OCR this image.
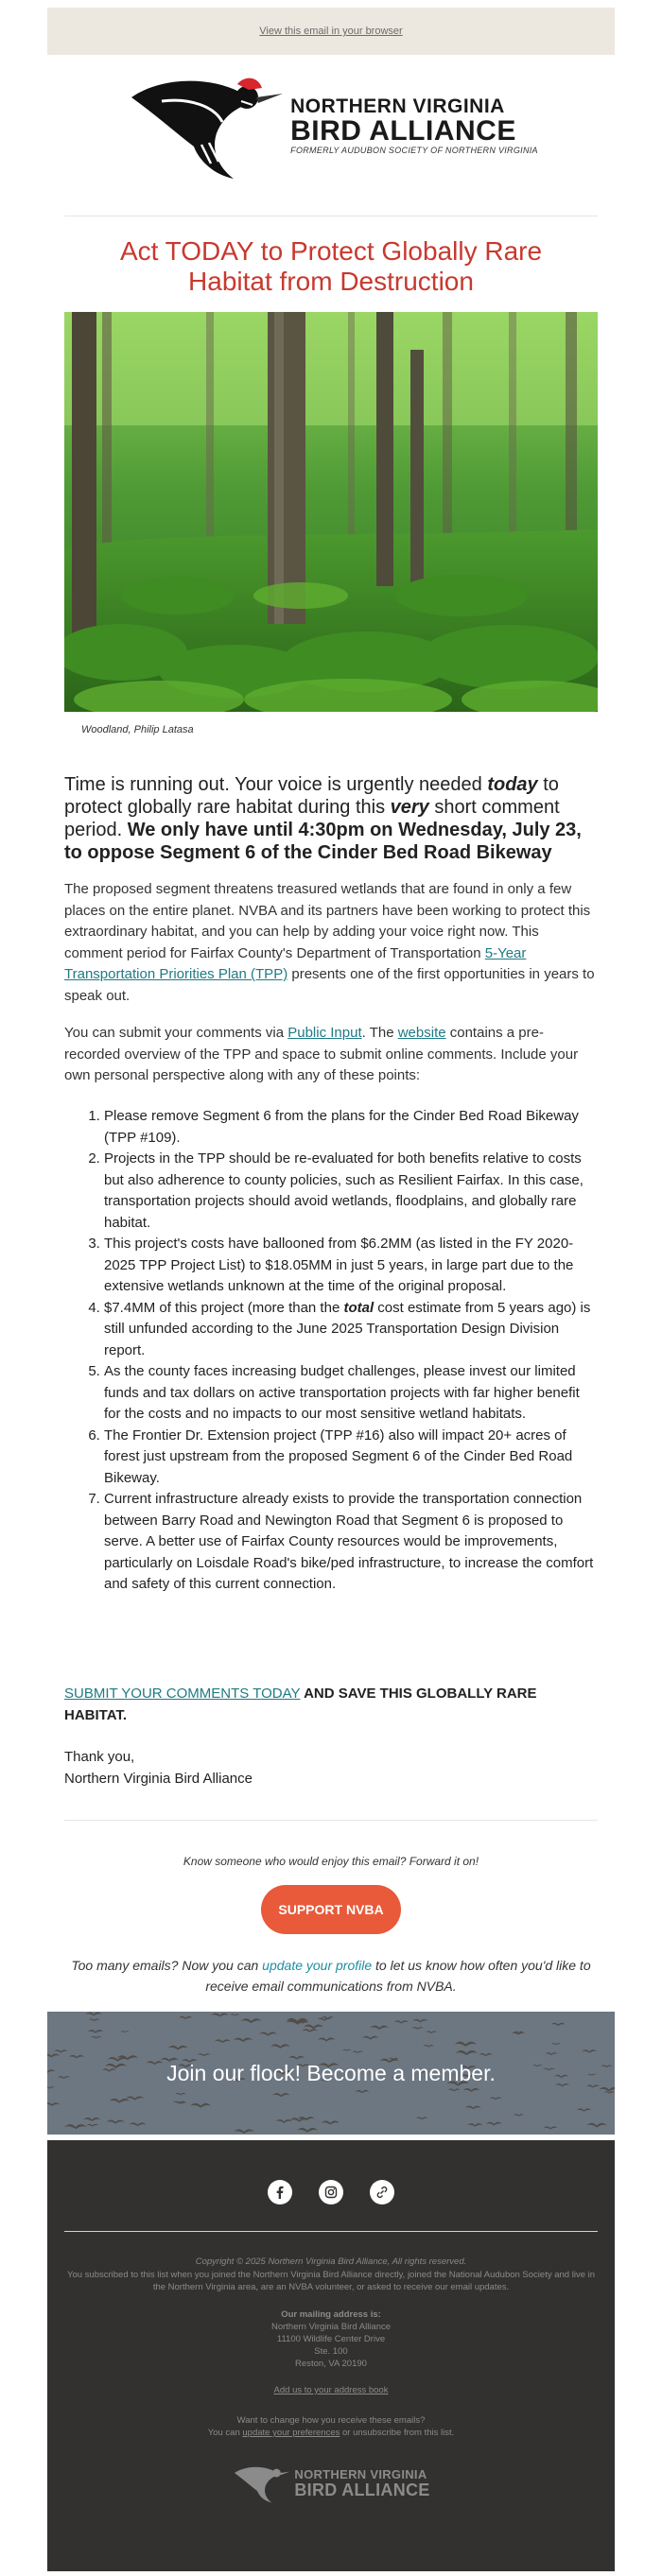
View this email in your browser
NORTHERN VIRGINIA
BIRD ALLIANCE
FORMERLY AUDUBON SOCIETY OF NORTHERN VIRGINIA
Act TODAY to Protect Globally Rare
Habitat from Destruction
Woodland, Philip Latasa
Time is running out. Your voice is urgently needed today to protect globally rare habitat during this very short comment period. We only have until 4:30pm on Wednesday, July 23, to oppose Segment 6 of the Cinder Bed Road Bikeway
The proposed segment threatens treasured wetlands that are found in only a few places on the entire planet. NVBA and its partners have been working to protect this extraordinary habitat, and you can help by adding your voice right now. This comment period for Fairfax County's Department of Transportation 5-Year Transportation Priorities Plan (TPP) presents one of the first opportunities in years to speak out.
You can submit your comments via Public Input. The website contains a pre-recorded overview of the TPP and space to submit online comments. Include your own personal perspective along with any of these points:
1. Please remove Segment 6 from the plans for the Cinder Bed Road Bikeway (TPP #109).
2. Projects in the TPP should be re-evaluated for both benefits relative to costs but also adherence to county policies, such as Resilient Fairfax. In this case, transportation projects should avoid wetlands, floodplains, and globally rare habitat.
3. This project's costs have ballooned from $6.2MM (as listed in the FY 2020-2025 TPP Project List) to $18.05MM in just 5 years, in large part due to the extensive wetlands unknown at the time of the original proposal.
4. $7.4MM of this project (more than the total cost estimate from 5 years ago) is still unfunded according to the June 2025 Transportation Design Division report.
5. As the county faces increasing budget challenges, please invest our limited funds and tax dollars on active transportation projects with far higher benefit for the costs and no impacts to our most sensitive wetland habitats.
6. The Frontier Dr. Extension project (TPP #16) also will impact 20+ acres of forest just upstream from the proposed Segment 6 of the Cinder Bed Road Bikeway.
7. Current infrastructure already exists to provide the transportation connection between Barry Road and Newington Road that Segment 6 is proposed to serve. A better use of Fairfax County resources would be improvements, particularly on Loisdale Road's bike/ped infrastructure, to increase the comfort and safety of this current connection.
SUBMIT YOUR COMMENTS TODAY AND SAVE THIS GLOBALLY RARE HABITAT.
Thank you,
Northern Virginia Bird Alliance
Know someone who would enjoy this email? Forward it on!
SUPPORT NVBA
Too many emails? Now you can update your profile to let us know how often you'd like to receive email communications from NVBA.
Join our flock! Become a member.
Copyright © 2025 Northern Virginia Bird Alliance, All rights reserved.
You subscribed to this list when you joined the Northern Virginia Bird Alliance directly, joined the National Audubon Society and live in the Northern Virginia area, are an NVBA volunteer, or asked to receive our email updates.
Our mailing address is:
Northern Virginia Bird Alliance
11100 Wildlife Center Drive
Ste. 100
Reston, VA 20190
Add us to your address book
Want to change how you receive these emails?
You can update your preferences or unsubscribe from this list.
NORTHERN VIRGINIA
BIRD ALLIANCE
